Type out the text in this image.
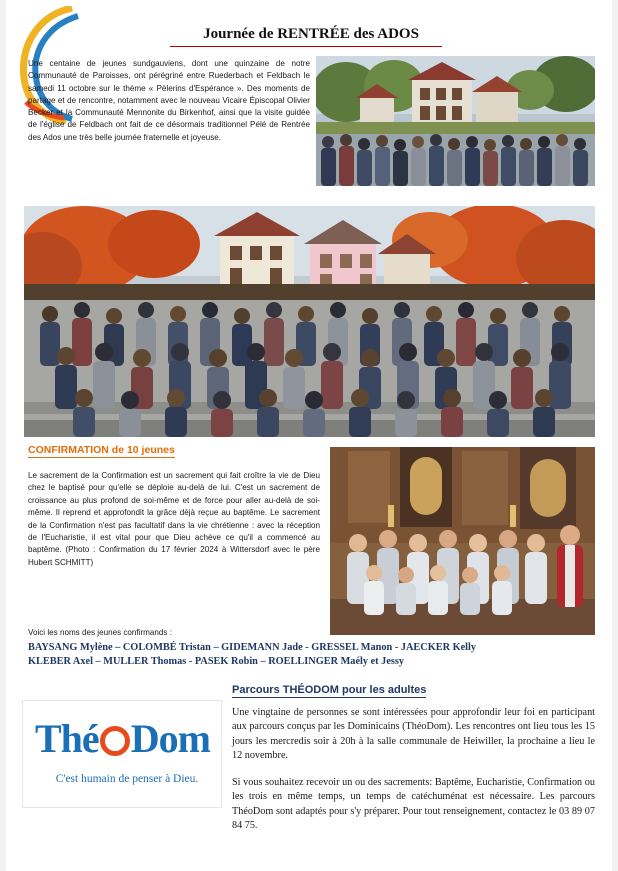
Journée de RENTRÉE des ADOS
Une centaine de jeunes sundgauviens, dont une quinzaine de notre Communauté de Paroisses, ont pérégriné entre Ruederbach et Feldbach le samedi 11 octobre sur le thème « Pèlerins d'Espérance ». Des moments de partage et de rencontre, notamment avec le nouveau Vicaire Épiscopal Olivier Becker et la Communauté Mennonite du Birkenhof, ainsi que la visite guidée de l'église de Feldbach ont fait de ce désormais traditionnel Pélé de Rentrée des Ados une très belle journée fraternelle et joyeuse.
CONFIRMATION de 10 jeunes
Le sacrement de la Confirmation est un sacrement qui fait croître la vie de Dieu chez le baptisé pour qu'elle se déploie au-delà de lui. C'est un sacrement de croissance au plus profond de soi-même et de force pour aller au-delà de soi-même. Il reprend et approfondit la grâce déjà reçue au baptême. Le sacrement de la Confirmation n'est pas facultatif dans la vie chrétienne : avec la réception de l'Eucharistie, il est vital pour que Dieu achève ce qu'il a commencé au baptême. (Photo : Confirmation du 17 février 2024 à Wittersdorf avec le père Hubert SCHMITT)
Voici les noms des jeunes confirmands :
BAYSANG Mylène – COLOMBÉ Tristan – GIDEMANN Jade - GRESSEL Manon - JAECKER Kelly
KLEBER Axel – MULLER Thomas - PASEK Robin – ROELLINGER Maély et Jessy
Parcours THÉODOM pour les adultes
Une vingtaine de personnes se sont intéressées pour approfondir leur foi en participant aux parcours conçus par les Dominicains (ThéoDom). Les rencontres ont lieu tous les 15 jours les mercredis soir à 20h à la salle communale de Heiwiller, la prochaine a lieu le 12 novembre.
Si vous souhaitez recevoir un ou des sacrements: Baptême, Eucharistie, Confirmation ou les trois en même temps, un temps de catéchuménat est nécessaire. Les parcours ThéoDom sont adaptés pour s'y préparer. Pour tout renseignement, contactez le 03 89 07 84 75.
Thé Dom
C'est humain de penser à Dieu.
